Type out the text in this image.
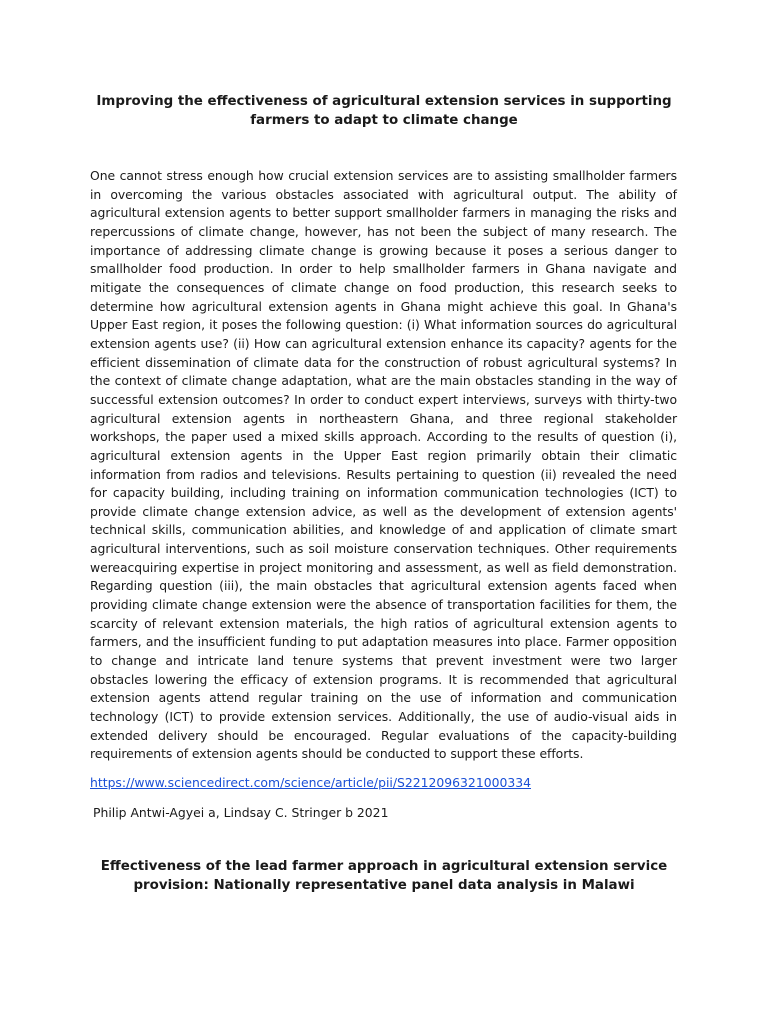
Improving the effectiveness of agricultural extension services in supporting farmers to adapt to climate change

One cannot stress enough how crucial extension services are to assisting smallholder farmers in overcoming the various obstacles associated with agricultural output. The ability of agricultural extension agents to better support smallholder farmers in managing the risks and repercussions of climate change, however, has not been the subject of many research. The importance of addressing climate change is growing because it poses a serious danger to smallholder food production. In order to help smallholder farmers in Ghana navigate and mitigate the consequences of climate change on food production, this research seeks to determine how agricultural extension agents in Ghana might achieve this goal. In Ghana's Upper East region, it poses the following question: (i) What information sources do agricultural extension agents use? (ii) How can agricultural extension enhance its capacity? agents for the efficient dissemination of climate data for the construction of robust agricultural systems? In the context of climate change adaptation, what are the main obstacles standing in the way of successful extension outcomes? In order to conduct expert interviews, surveys with thirty-two agricultural extension agents in northeastern Ghana, and three regional stakeholder workshops, the paper used a mixed skills approach. According to the results of question (i), agricultural extension agents in the Upper East region primarily obtain their climatic information from radios and televisions. Results pertaining to question (ii) revealed the need for capacity building, including training on information communication technologies (ICT) to provide climate change extension advice, as well as the development of extension agents' technical skills, communication abilities, and knowledge of and application of climate smart agricultural interventions, such as soil moisture conservation techniques. Other requirements wereacquiring expertise in project monitoring and assessment, as well as field demonstration. Regarding question (iii), the main obstacles that agricultural extension agents faced when providing climate change extension were the absence of transportation facilities for them, the scarcity of relevant extension materials, the high ratios of agricultural extension agents to farmers, and the insufficient funding to put adaptation measures into place. Farmer opposition to change and intricate land tenure systems that prevent investment were two larger obstacles lowering the efficacy of extension programs. It is recommended that agricultural extension agents attend regular training on the use of information and communication technology (ICT) to provide extension services. Additionally, the use of audio-visual aids in extended delivery should be encouraged. Regular evaluations of the capacity-building requirements of extension agents should be conducted to support these efforts.

https://www.sciencedirect.com/science/article/pii/S2212096321000334

Philip Antwi-Agyei a, Lindsay C. Stringer b 2021

Effectiveness of the lead farmer approach in agricultural extension service provision: Nationally representative panel data analysis in Malawi
